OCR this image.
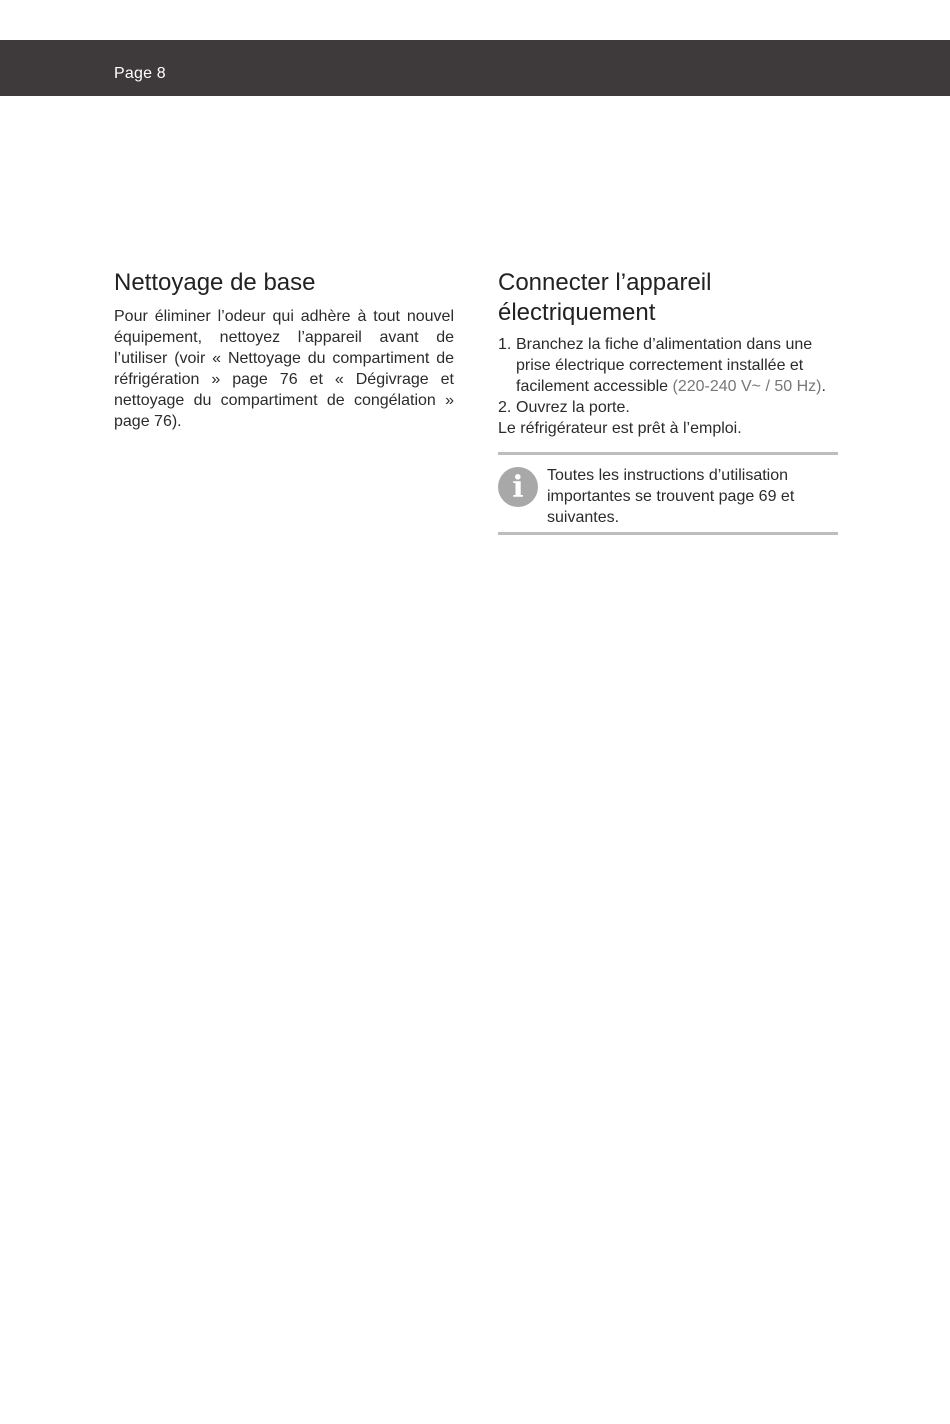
Page 8
Nettoyage de base

Pour éliminer l’odeur qui adhère à tout nouvel équipement, nettoyez l’appareil avant de l’utiliser (voir « Nettoyage du compartiment de réfrigération » page 76 et « Dégivrage et nettoyage du compartiment de congélation » page 76).

Connecter l’appareil électriquement
1. Branchez la fiche d’alimentation dans une prise électrique correctement installée et facilement accessible (220-240 V~ / 50 Hz).
2. Ouvrez la porte.

Le réfrigérateur est prêt à l’emploi.

i Toutes les instructions d’utilisation importantes se trouvent page 69 et suivantes.
